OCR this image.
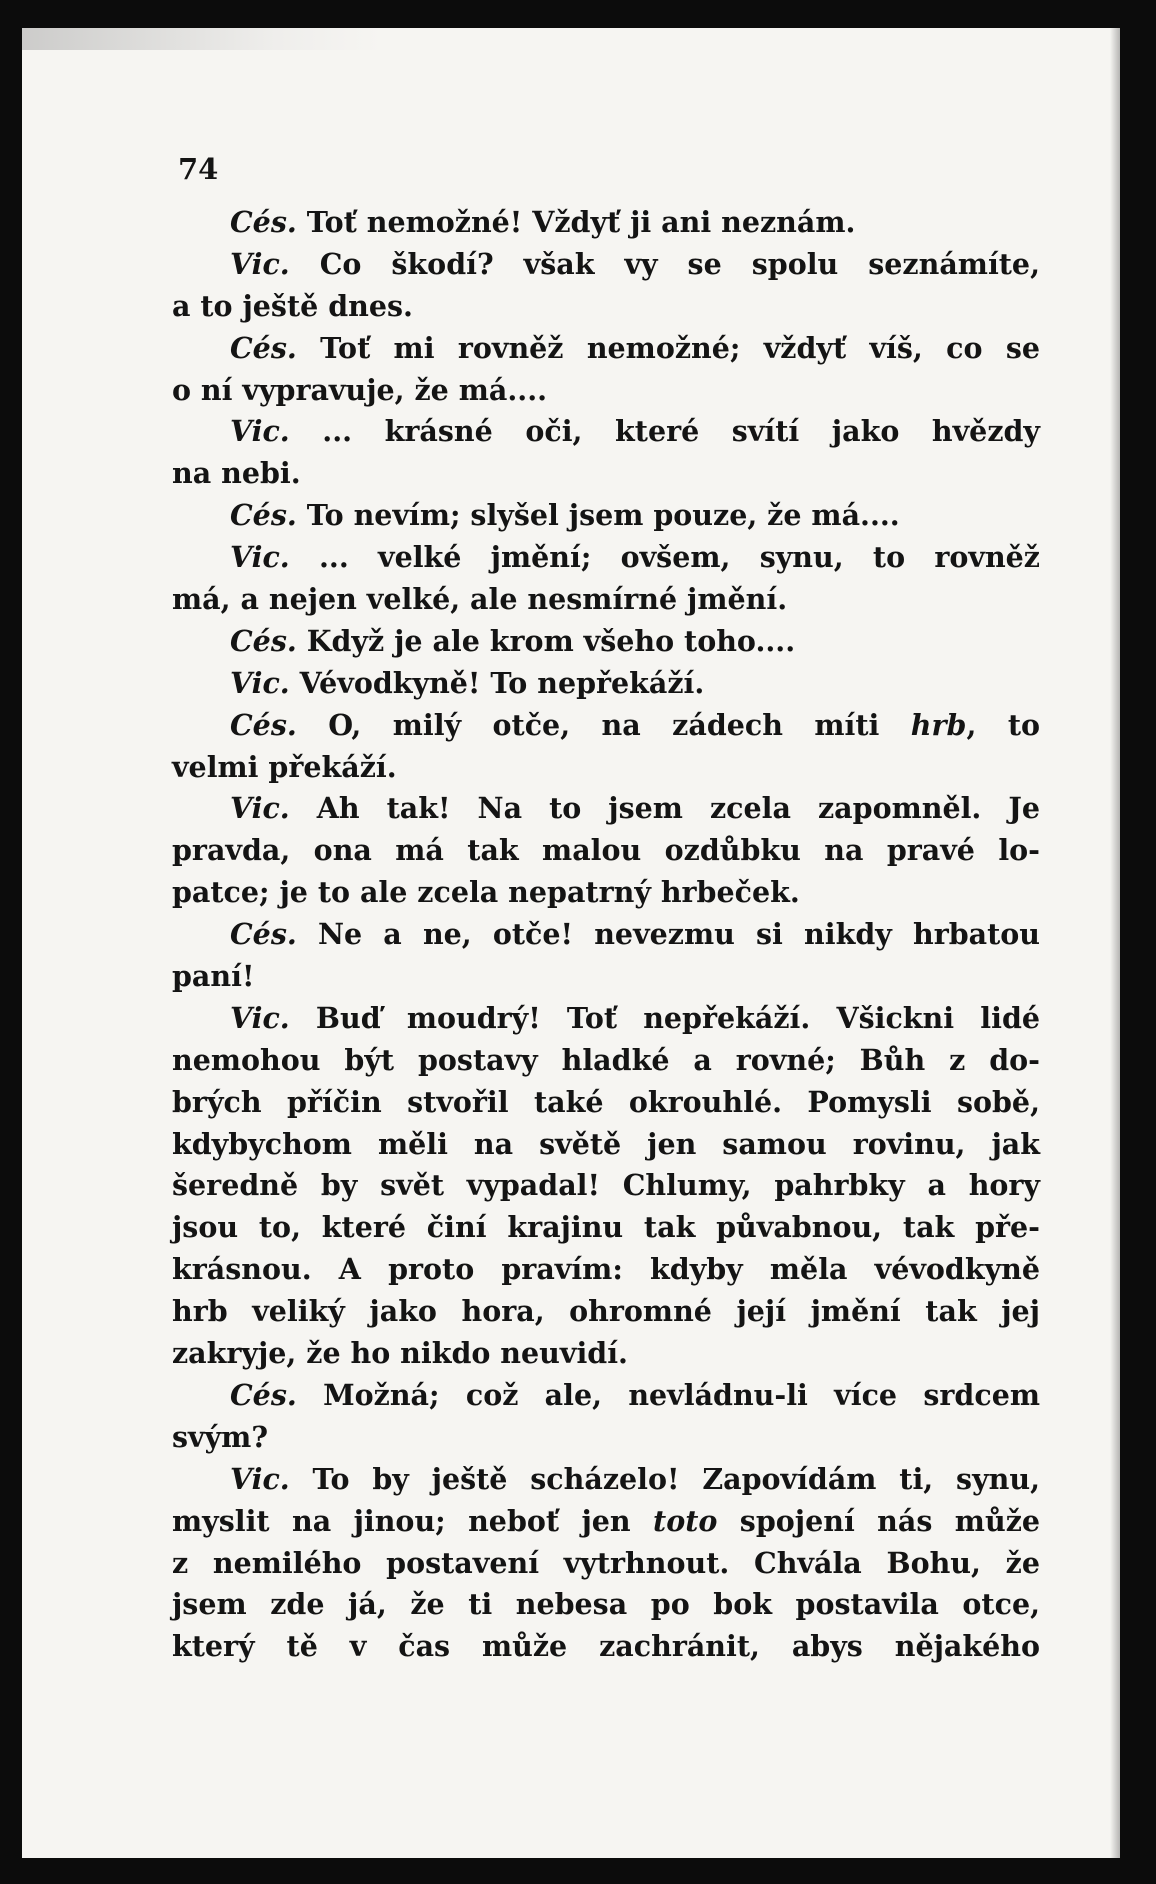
74
Cés. Toť nemožné! Vždyť ji ani neznám.
Vic. Co škodí? však vy se spolu seznámíte,
a to ještě dnes.
Cés. Toť mi rovněž nemožné; vždyť víš, co se
o ní vypravuje, že má....
Vic. ... krásné oči, které svítí jako hvězdy
na nebi.
Cés. To nevím; slyšel jsem pouze, že má....
Vic. ... velké jmění; ovšem, synu, to rovněž
má, a nejen velké, ale nesmírné jmění.
Cés. Když je ale krom všeho toho....
Vic. Vévodkyně! To nepřekáží.
Cés. O, milý otče, na zádech míti hrb, to
velmi překáží.
Vic. Ah tak! Na to jsem zcela zapomněl. Je
pravda, ona má tak malou ozdůbku na pravé lo-
patce; je to ale zcela nepatrný hrbeček.
Cés. Ne a ne, otče! nevezmu si nikdy hrbatou
paní!
Vic. Buď moudrý! Toť nepřekáží. Všickni lidé
nemohou být postavy hladké a rovné; Bůh z do-
brých příčin stvořil také okrouhlé. Pomysli sobě,
kdybychom měli na světě jen samou rovinu, jak
šeredně by svět vypadal! Chlumy, pahrbky a hory
jsou to, které činí krajinu tak půvabnou, tak pře-
krásnou. A proto pravím: kdyby měla vévodkyně
hrb veliký jako hora, ohromné její jmění tak jej
zakryje, že ho nikdo neuvidí.
Cés. Možná; což ale, nevládnu-li více srdcem
svým?
Vic. To by ještě scházelo! Zapovídám ti, synu,
myslit na jinou; neboť jen toto spojení nás může
z nemilého postavení vytrhnout. Chvála Bohu, že
jsem zde já, že ti nebesa po bok postavila otce,
který tě v čas může zachránit, abys nějakého
